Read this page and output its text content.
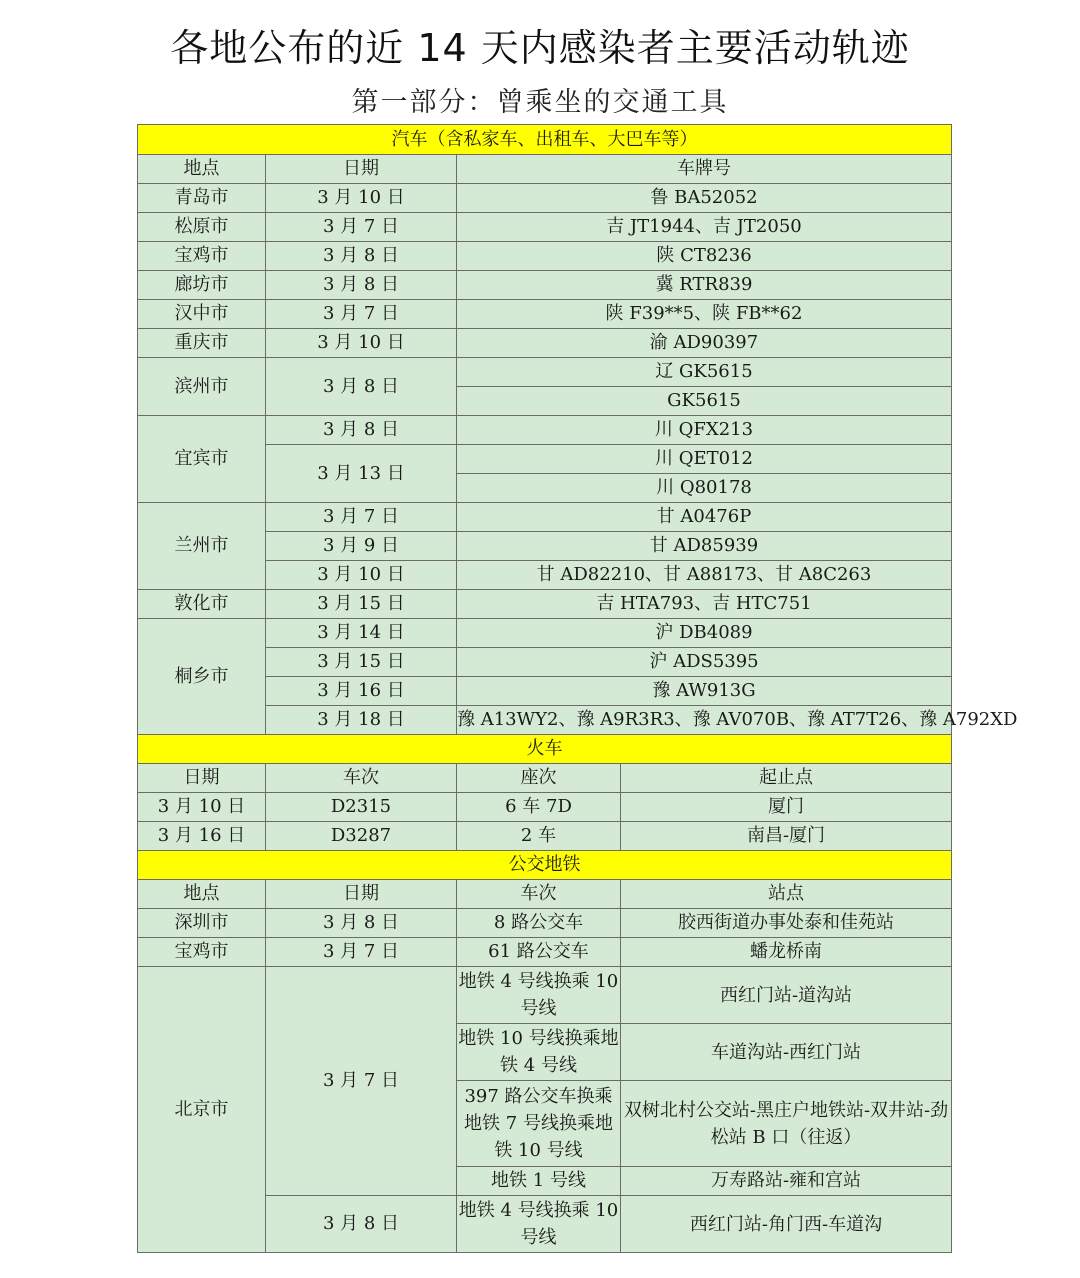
各地公布的近 14 天内感染者主要活动轨迹
第一部分：曾乘坐的交通工具
汽车（含私家车、出租车、大巴车等）			
地点	日期	车牌号	
青岛市	3 月 10 日	鲁 BA52052	
松原市	3 月 7 日	吉 JT1944、吉 JT2050	
宝鸡市	3 月 8 日	陕 CT8236	
廊坊市	3 月 8 日	冀 RTR839	
汉中市	3 月 7 日	陕 F39**5、陕 FB**62	
重庆市	3 月 10 日	渝 AD90397	
滨州市	3 月 8 日	辽 GK5615	
		GK5615	
宜宾市	3 月 8 日	川 QFX213	
	3 月 13 日	川 QET012	
		川 Q80178	
兰州市	3 月 7 日	甘 A0476P	
	3 月 9 日	甘 AD85939	
	3 月 10 日	甘 AD82210、甘 A88173、甘 A8C263	
敦化市	3 月 15 日	吉 HTA793、吉 HTC751	
桐乡市	3 月 14 日	沪 DB4089	
	3 月 15 日	沪 ADS5395	
	3 月 16 日	豫 AW913G	
	3 月 18 日	豫 A13WY2、豫 A9R3R3、豫 AV070B、豫 AT7T26、豫 A792XD	
火车			
日期	车次	座次	起止点
3 月 10 日	D2315	6 车 7D	厦门
3 月 16 日	D3287	2 车	南昌-厦门
公交地铁			
地点	日期	车次	站点
深圳市	3 月 8 日	8 路公交车	胶西街道办事处泰和佳苑站
宝鸡市	3 月 7 日	61 路公交车	蟠龙桥南
北京市	3 月 7 日	地铁 4 号线换乘 10 号线	西红门站-道沟站
		地铁 10 号线换乘地铁 4 号线	车道沟站-西红门站
		397 路公交车换乘地铁 7 号线换乘地铁 10 号线	双树北村公交站-黑庄户地铁站-双井站-劲松站 B 口（往返）
		地铁 1 号线	万寿路站-雍和宫站
	3 月 8 日	地铁 4 号线换乘 10 号线	西红门站-角门西-车道沟
